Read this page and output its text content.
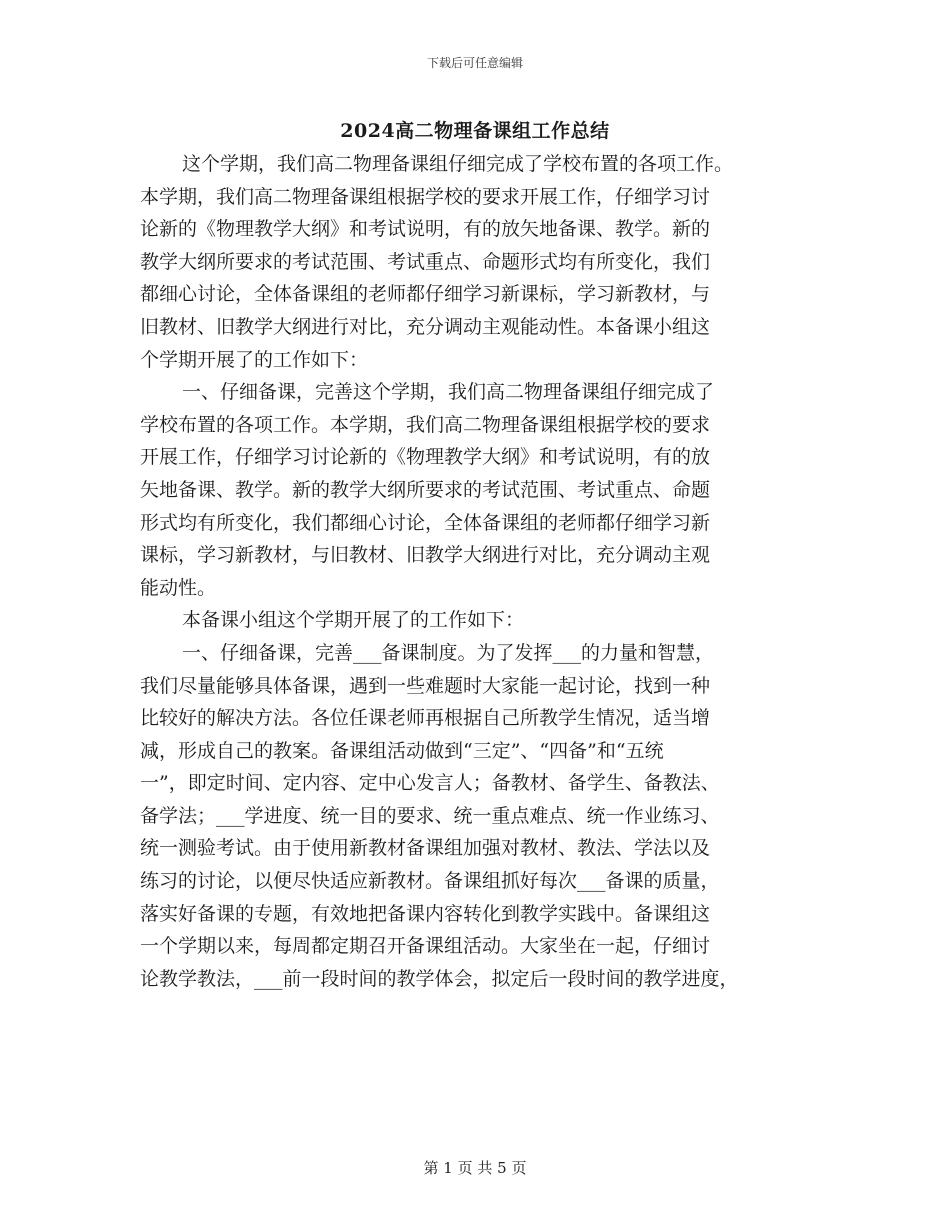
下载后可任意编辑
2024高二物理备课组工作总结
这个学期，我们高二物理备课组仔细完成了学校布置的各项工作。
本学期，我们高二物理备课组根据学校的要求开展工作，仔细学习讨
论新的《物理教学大纲》和考试说明，有的放矢地备课、教学。新的
教学大纲所要求的考试范围、考试重点、命题形式均有所变化，我们
都细心讨论，全体备课组的老师都仔细学习新课标，学习新教材，与
旧教材、旧教学大纲进行对比，充分调动主观能动性。本备课小组这
个学期开展了的工作如下：
一、仔细备课，完善这个学期，我们高二物理备课组仔细完成了
学校布置的各项工作。本学期，我们高二物理备课组根据学校的要求
开展工作，仔细学习讨论新的《物理教学大纲》和考试说明，有的放
矢地备课、教学。新的教学大纲所要求的考试范围、考试重点、命题
形式均有所变化，我们都细心讨论，全体备课组的老师都仔细学习新
课标，学习新教材，与旧教材、旧教学大纲进行对比，充分调动主观
能动性。
本备课小组这个学期开展了的工作如下：
一、仔细备课，完善___备课制度。为了发挥___的力量和智慧，
我们尽量能够具体备课，遇到一些难题时大家能一起讨论，找到一种
比较好的解决方法。各位任课老师再根据自己所教学生情况，适当增
减，形成自己的教案。备课组活动做到“三定”、“四备”和“五统
一”，即定时间、定内容、定中心发言人；备教材、备学生、备教法、
备学法；___学进度、统一目的要求、统一重点难点、统一作业练习、
统一测验考试。由于使用新教材备课组加强对教材、教法、学法以及
练习的讨论，以便尽快适应新教材。备课组抓好每次___备课的质量，
落实好备课的专题，有效地把备课内容转化到教学实践中。备课组这
一个学期以来，每周都定期召开备课组活动。大家坐在一起，仔细讨
论教学教法，___前一段时间的教学体会，拟定后一段时间的教学进度，
第 1 页 共 5 页
